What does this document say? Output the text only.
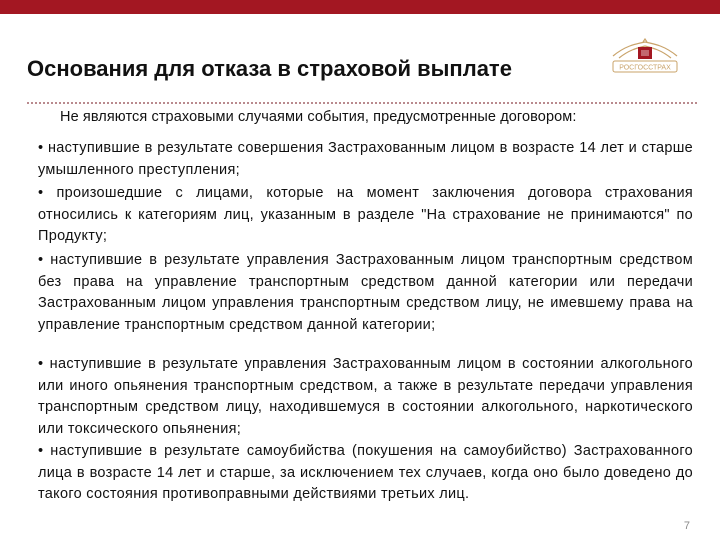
Основания для отказа в страховой выплате	РОСГОССТРАХ
Не являются страховыми случаями события, предусмотренные договором:
• наступившие в результате совершения Застрахованным лицом в возрасте 14 лет и старше умышленного преступления;
• произошедшие с лицами, которые на момент заключения договора страхования относились к категориям лиц, указанным в разделе "На страхование не принимаются" по Продукту;
• наступившие в результате управления Застрахованным лицом транспортным средством без права на управление транспортным средством данной категории или передачи Застрахованным лицом управления транспортным средством лицу, не имевшему права на управление транспортным средством данной категории;
• наступившие в результате управления Застрахованным лицом в состоянии алкогольного или иного опьянения транспортным средством, а также в результате передачи управления транспортным средством лицу, находившемуся в состоянии алкогольного, наркотического или токсического опьянения;
• наступившие в результате самоубийства (покушения на самоубийство) Застрахованного лица в возрасте 14 лет и старше, за исключением тех случаев, когда оно было доведено до такого состояния противоправными действиями третьих лиц.
7
